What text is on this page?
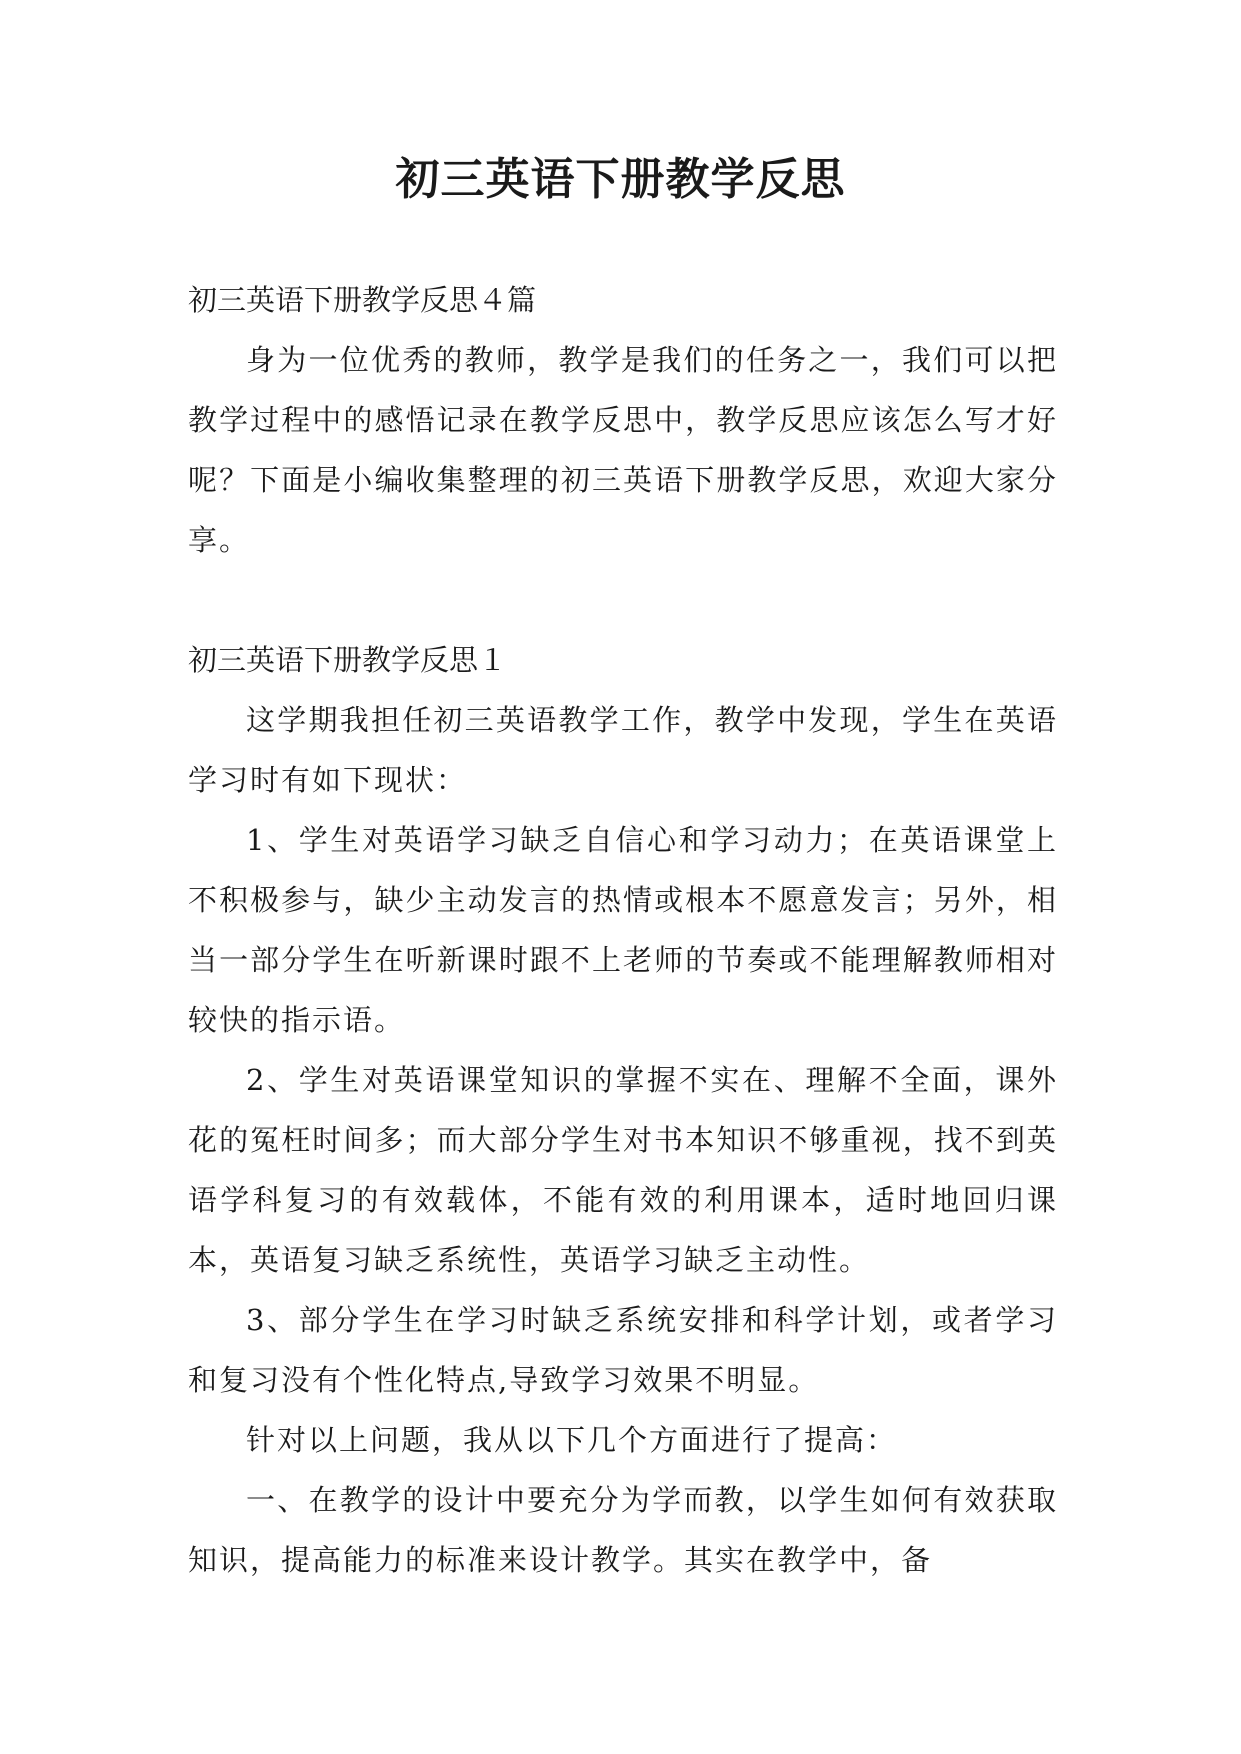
初三英语下册教学反思

初三英语下册教学反思４篇

身为一位优秀的教师，教学是我们的任务之一，我们可以把教学过程中的感悟记录在教学反思中，教学反思应该怎么写才好呢？下面是小编收集整理的初三英语下册教学反思，欢迎大家分享。

初三英语下册教学反思１

这学期我担任初三英语教学工作，教学中发现，学生在英语学习时有如下现状：

1、学生对英语学习缺乏自信心和学习动力；在英语课堂上不积极参与，缺少主动发言的热情或根本不愿意发言；另外，相当一部分学生在听新课时跟不上老师的节奏或不能理解教师相对较快的指示语。

2、学生对英语课堂知识的掌握不实在、理解不全面，课外花的冤枉时间多；而大部分学生对书本知识不够重视，找不到英语学科复习的有效载体，不能有效的利用课本，适时地回归课本，英语复习缺乏系统性，英语学习缺乏主动性。

3、部分学生在学习时缺乏系统安排和科学计划，或者学习和复习没有个性化特点,导致学习效果不明显。

针对以上问题，我从以下几个方面进行了提高：

一、在教学的设计中要充分为学而教，以学生如何有效获取知识，提高能力的标准来设计教学。其实在教学中，备
